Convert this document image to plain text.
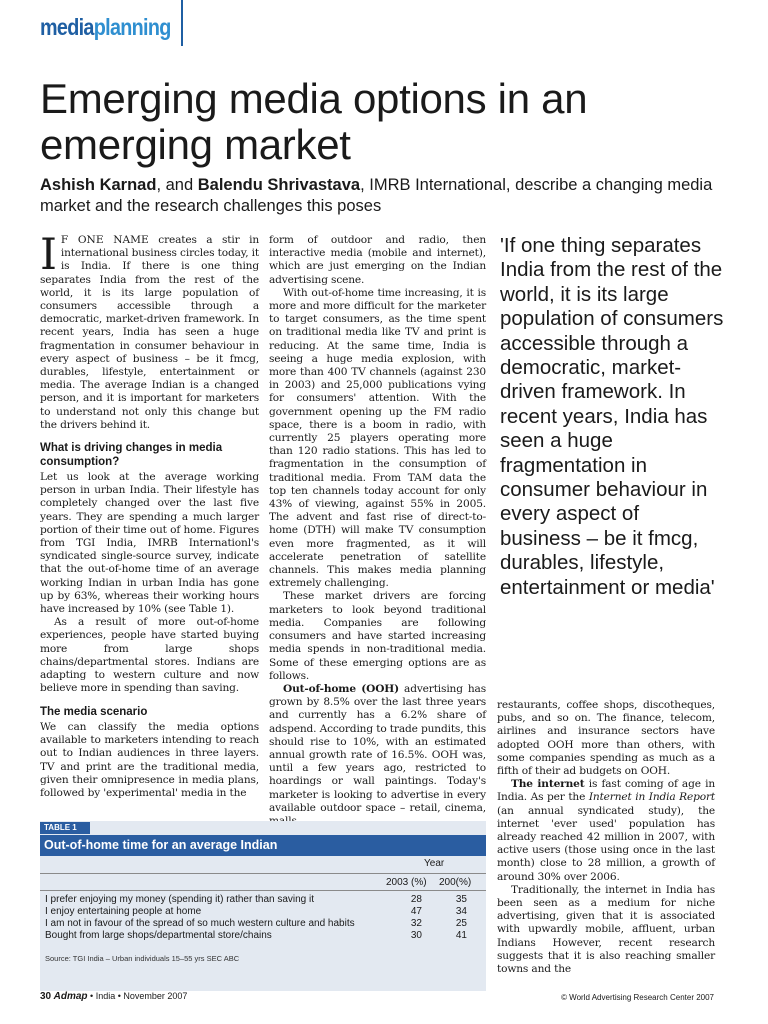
mediaplanning
Emerging media options in an
emerging market

Ashish Karnad, and Balendu Shrivastava, IMRB International, describe a changing media market and the research challenges this poses

I F ONE NAME creates a stir in international business circles today, it is India. If there is one thing separates India from the rest of the world, it is its large population of consumers accessible through a democratic, market-driven framework. In recent years, India has seen a huge fragmentation in consumer behaviour in every aspect of business – be it fmcg, durables, lifestyle, entertainment or media. The average Indian is a changed person, and it is important for marketers to understand not only this change but the drivers behind it.

What is driving changes in media consumption?

Let us look at the average working person in urban India. Their lifestyle has completely changed over the last five years. They are spending a much larger portion of their time out of home. Figures from TGI India, IMRB Internationl's syndicated single-source survey, indicate that the out-of-home time of an average working Indian in urban India has gone up by 63%, whereas their working hours have increased by 10% (see Table 1).

As a result of more out-of-home experiences, people have started buying more from large shops chains/departmental stores. Indians are adapting to western culture and now believe more in spending than saving.

The media scenario

We can classify the media options available to marketers intending to reach out to Indian audiences in three layers. TV and print are the traditional media, given their omnipresence in media plans, followed by 'experimental' media in the

form of outdoor and radio, then interactive media (mobile and internet), which are just emerging on the Indian advertising scene.

With out-of-home time increasing, it is more and more difficult for the marketer to target consumers, as the time spent on traditional media like TV and print is reducing. At the same time, India is seeing a huge media explosion, with more than 400 TV channels (against 230 in 2003) and 25,000 publications vying for consumers' attention. With the government opening up the FM radio space, there is a boom in radio, with currently 25 players operating more than 120 radio stations. This has led to fragmentation in the consumption of traditional media. From TAM data the top ten channels today account for only 43% of viewing, against 55% in 2005. The advent and fast rise of direct-to-home (DTH) will make TV consumption even more fragmented, as it will accelerate penetration of satellite channels. This makes media planning extremely challenging.

These market drivers are forcing marketers to look beyond traditional media. Companies are following consumers and have started increasing media spends in non-traditional media. Some of these emerging options are as follows.

Out-of-home (OOH) advertising has grown by 8.5% over the last three years and currently has a 6.2% share of adspend. According to trade pundits, this should rise to 10%, with an estimated annual growth rate of 16.5%. OOH was, until a few years ago, restricted to hoardings or wall paintings. Today's marketer is looking to advertise in every available outdoor space – retail, cinema,

'If one thing separates India from the rest of the world, it is its large population of consumers accessible through a democratic, market-driven framework. In recent years, India has seen a huge fragmentation in consumer behaviour in every aspect of business – be it fmcg, durables, lifestyle, entertainment or media'

restaurants, coffee shops, discotheques, pubs, and so on. The finance, telecom, airlines and insurance sectors have adopted OOH more than others, with some companies spending as much as a fifth of their ad budgets on OOH.

The internet is fast coming of age in India. As per the Internet in India Report (an annual syndicated study), the internet 'ever used' population has already reached 42 million in 2007, with active users (those using once in the last month) close to 28 million, a growth of around 30% over 2006.

Traditionally, the internet in India has been seen as a medium for niche advertising, given that it is associated with upwardly mobile, affluent, urban Indians However, recent research suggests that it is also reaching smaller towns and the

TABLE 1
Out-of-home time for an average Indian
Year
2003 (%) 200(%)
I prefer enjoying my money (spending it) rather than saving it	28	35
I enjoy entertaining people at home	47	34
I am not in favour of the spread of so much western culture and habits	32	25
Bought from large shops/departmental store/chains	30	41
Source: TGI India – Urban individuals 15–55 yrs SEC ABC
30 Admap • India • November 2007	© World Advertising Research Center 2007
